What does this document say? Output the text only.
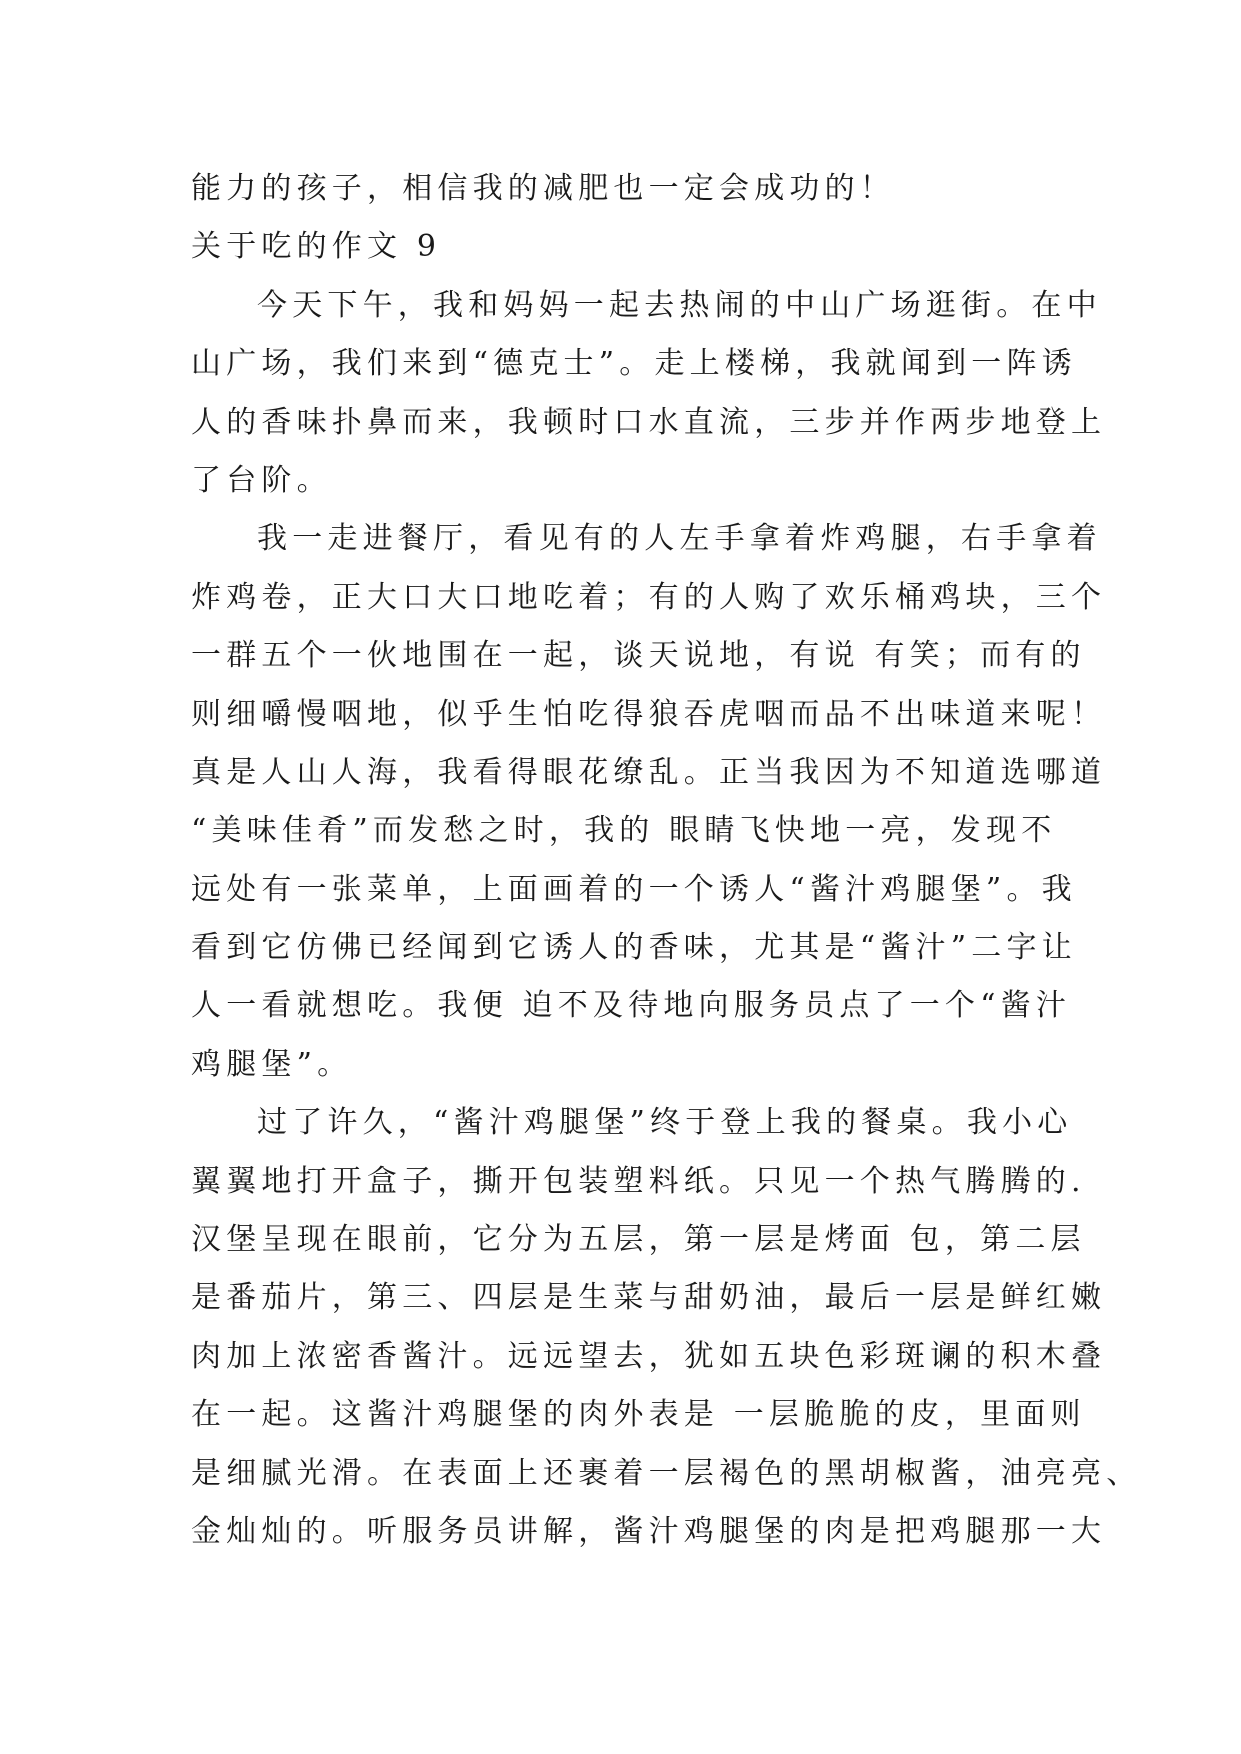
能力的孩子，相信我的减肥也一定会成功的！
关于吃的作文 9
今天下午，我和妈妈一起去热闹的中山广场逛街。在中
山广场，我们来到“德克士”。走上楼梯，我就闻到一阵诱
人的香味扑鼻而来，我顿时口水直流，三步并作两步地登上
了台阶。
我一走进餐厅，看见有的人左手拿着炸鸡腿，右手拿着
炸鸡卷，正大口大口地吃着；有的人购了欢乐桶鸡块，三个
一群五个一伙地围在一起，谈天说地，有说 有笑；而有的
则细嚼慢咽地，似乎生怕吃得狼吞虎咽而品不出味道来呢！
真是人山人海，我看得眼花缭乱。正当我因为不知道选哪道
“美味佳肴”而发愁之时，我的 眼睛飞快地一亮，发现不
远处有一张菜单，上面画着的一个诱人“酱汁鸡腿堡”。我
看到它仿佛已经闻到它诱人的香味，尤其是“酱汁”二字让
人一看就想吃。我便 迫不及待地向服务员点了一个“酱汁
鸡腿堡”。
过了许久，“酱汁鸡腿堡”终于登上我的餐桌。我小心
翼翼地打开盒子，撕开包装塑料纸。只见一个热气腾腾的.
汉堡呈现在眼前，它分为五层，第一层是烤面 包，第二层
是番茄片，第三、四层是生菜与甜奶油，最后一层是鲜红嫩
肉加上浓密香酱汁。远远望去，犹如五块色彩斑谰的积木叠
在一起。这酱汁鸡腿堡的肉外表是 一层脆脆的皮，里面则
是细腻光滑。在表面上还裹着一层褐色的黑胡椒酱，油亮亮、
金灿灿的。听服务员讲解，酱汁鸡腿堡的肉是把鸡腿那一大
